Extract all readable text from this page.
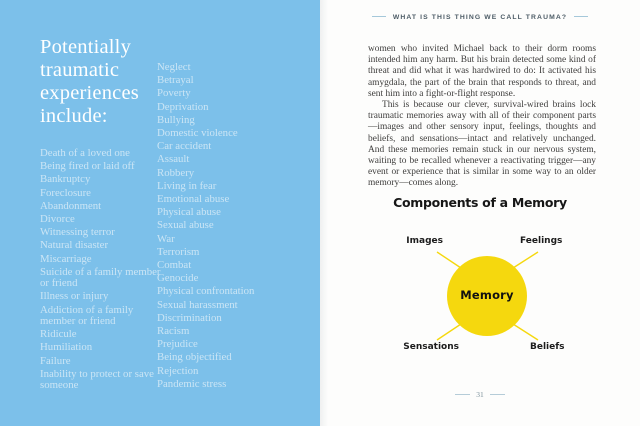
Potentially traumatic experiences include:
Death of a loved one
Being fired or laid off
Bankruptcy
Foreclosure
Abandonment
Divorce
Witnessing terror
Natural disaster
Miscarriage
Suicide of a family member or friend
Illness or injury
Addiction of a family member or friend
Ridicule
Humiliation
Failure
Inability to protect or save someone
Neglect
Betrayal
Poverty
Deprivation
Bullying
Domestic violence
Car accident
Assault
Robbery
Living in fear
Emotional abuse
Physical abuse
Sexual abuse
War
Terrorism
Combat
Genocide
Physical confrontation
Sexual harassment
Discrimination
Racism
Prejudice
Being objectified
Rejection
Pandemic stress
WHAT IS THIS THING WE CALL TRAUMA?

women who invited Michael back to their dorm rooms intended him any harm. But his brain detected some kind of threat and did what it was hardwired to do: It activated his amygdala, the part of the brain that responds to threat, and sent him into a fight-or-flight response.

This is because our clever, survival-wired brains lock traumatic memories away with all of their component parts—images and other sensory input, feelings, thoughts and beliefs, and sensations—intact and relatively unchanged. And these memories remain stuck in our nervous system, waiting to be recalled whenever a reactivating trigger—any event or experience that is similar in some way to an older memory—comes along.

Components of a Memory
Memory
Images	Feelings
Sensations	Beliefs
31
